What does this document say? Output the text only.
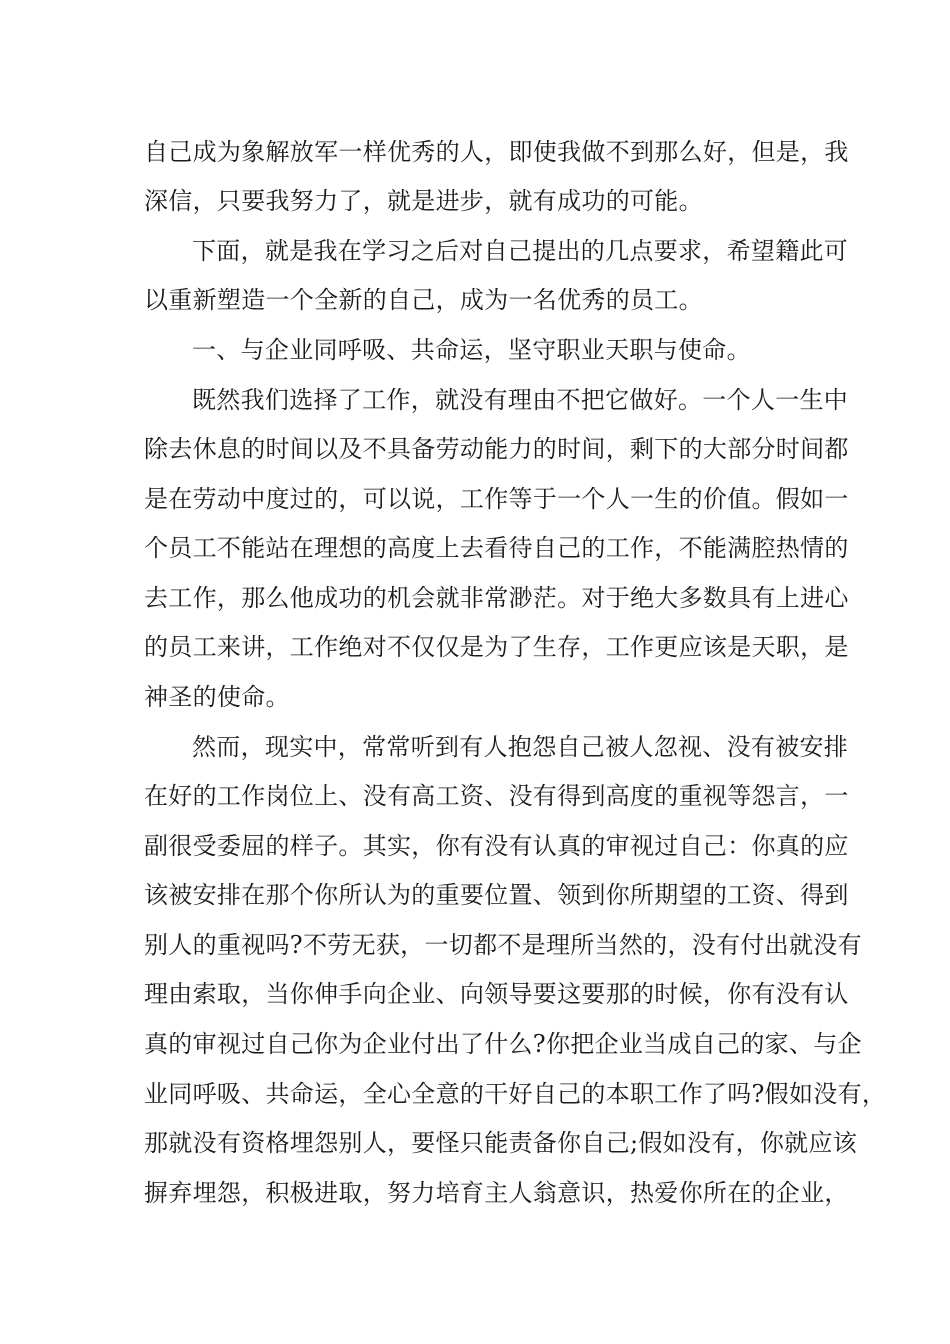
自己成为象解放军一样优秀的人，即使我做不到那么好，但是，我

深信，只要我努力了，就是进步，就有成功的可能。

下面，就是我在学习之后对自己提出的几点要求，希望籍此可

以重新塑造一个全新的自己，成为一名优秀的员工。

一、与企业同呼吸、共命运，坚守职业天职与使命。

既然我们选择了工作，就没有理由不把它做好。一个人一生中

除去休息的时间以及不具备劳动能力的时间，剩下的大部分时间都

是在劳动中度过的，可以说，工作等于一个人一生的价值。假如一

个员工不能站在理想的高度上去看待自己的工作，不能满腔热情的

去工作，那么他成功的机会就非常渺茫。对于绝大多数具有上进心

的员工来讲，工作绝对不仅仅是为了生存，工作更应该是天职，是

神圣的使命。

然而，现实中，常常听到有人抱怨自己被人忽视、没有被安排

在好的工作岗位上、没有高工资、没有得到高度的重视等怨言，一

副很受委屈的样子。其实，你有没有认真的审视过自己：你真的应

该被安排在那个你所认为的重要位置、领到你所期望的工资、得到

别人的重视吗?不劳无获，一切都不是理所当然的，没有付出就没有

理由索取，当你伸手向企业、向领导要这要那的时候，你有没有认

真的审视过自己你为企业付出了什么?你把企业当成自己的家、与企

业同呼吸、共命运，全心全意的干好自己的本职工作了吗?假如没有，

那就没有资格埋怨别人，要怪只能责备你自己;假如没有，你就应该

摒弃埋怨，积极进取，努力培育主人翁意识，热爱你所在的企业，
